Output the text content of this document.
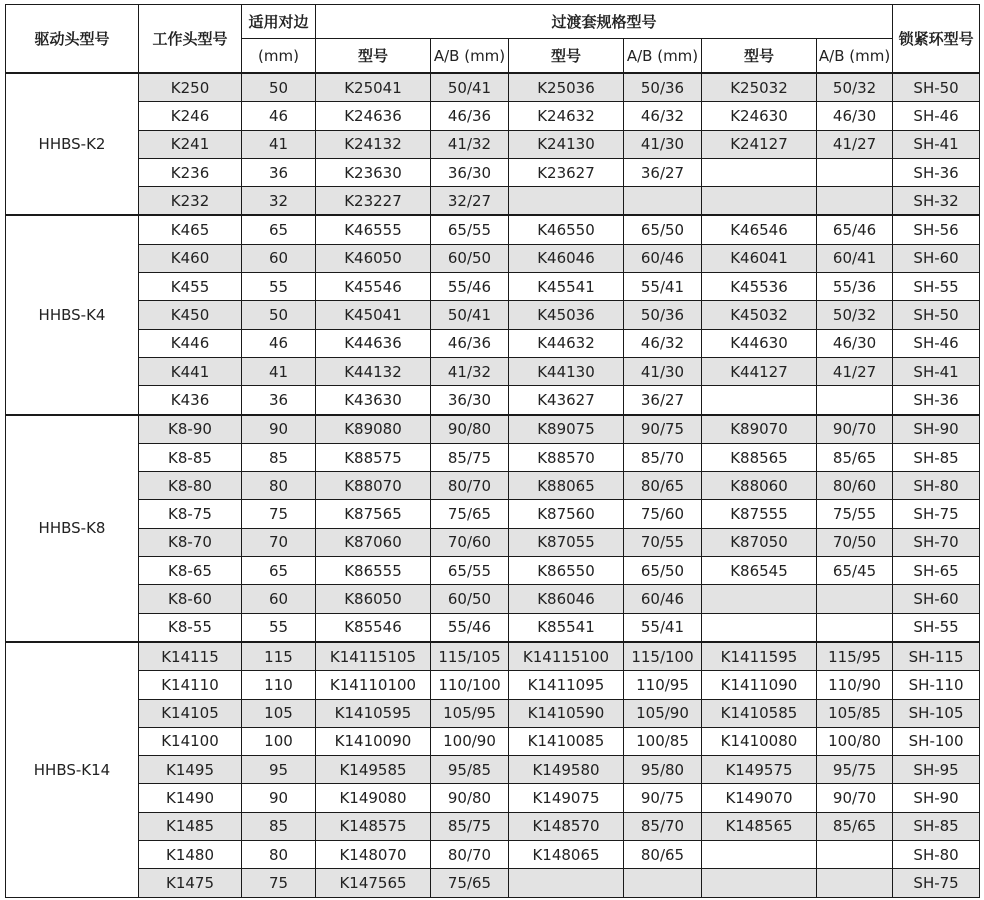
驱动头型号	工作头型号	适用对边	过渡套规格型号						锁紧环型号
		(mm)	型号	A/B (mm)	型号	A/B (mm)	型号	A/B (mm)	
HHBS-K2	K250	50	K25041	50/41	K25036	50/36	K25032	50/32	SH-50
	K246	46	K24636	46/36	K24632	46/32	K24630	46/30	SH-46
	K241	41	K24132	41/32	K24130	41/30	K24127	41/27	SH-41
	K236	36	K23630	36/30	K23627	36/27			SH-36
	K232	32	K23227	32/27					SH-32
HHBS-K4	K465	65	K46555	65/55	K46550	65/50	K46546	65/46	SH-56
	K460	60	K46050	60/50	K46046	60/46	K46041	60/41	SH-60
	K455	55	K45546	55/46	K45541	55/41	K45536	55/36	SH-55
	K450	50	K45041	50/41	K45036	50/36	K45032	50/32	SH-50
	K446	46	K44636	46/36	K44632	46/32	K44630	46/30	SH-46
	K441	41	K44132	41/32	K44130	41/30	K44127	41/27	SH-41
	K436	36	K43630	36/30	K43627	36/27			SH-36
HHBS-K8	K8-90	90	K89080	90/80	K89075	90/75	K89070	90/70	SH-90
	K8-85	85	K88575	85/75	K88570	85/70	K88565	85/65	SH-85
	K8-80	80	K88070	80/70	K88065	80/65	K88060	80/60	SH-80
	K8-75	75	K87565	75/65	K87560	75/60	K87555	75/55	SH-75
	K8-70	70	K87060	70/60	K87055	70/55	K87050	70/50	SH-70
	K8-65	65	K86555	65/55	K86550	65/50	K86545	65/45	SH-65
	K8-60	60	K86050	60/50	K86046	60/46			SH-60
	K8-55	55	K85546	55/46	K85541	55/41			SH-55
HHBS-K14	K14115	115	K14115105	115/105	K14115100	115/100	K1411595	115/95	SH-115
	K14110	110	K14110100	110/100	K1411095	110/95	K1411090	110/90	SH-110
	K14105	105	K1410595	105/95	K1410590	105/90	K1410585	105/85	SH-105
	K14100	100	K1410090	100/90	K1410085	100/85	K1410080	100/80	SH-100
	K1495	95	K149585	95/85	K149580	95/80	K149575	95/75	SH-95
	K1490	90	K149080	90/80	K149075	90/75	K149070	90/70	SH-90
	K1485	85	K148575	85/75	K148570	85/70	K148565	85/65	SH-85
	K1480	80	K148070	80/70	K148065	80/65			SH-80
	K1475	75	K147565	75/65					SH-75
